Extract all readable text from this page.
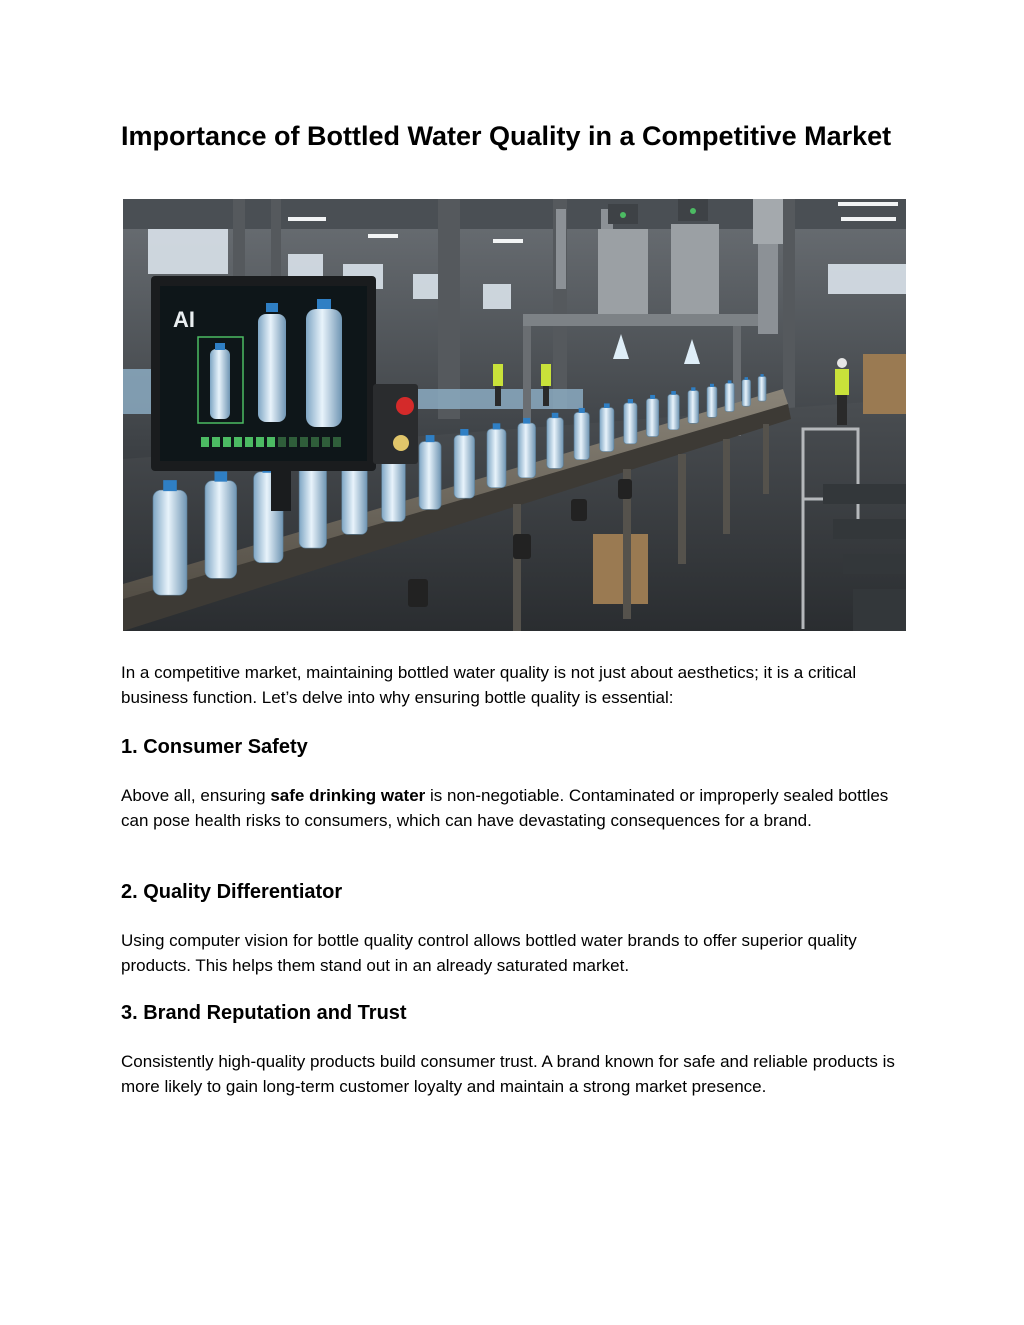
Importance of Bottled Water Quality in a Competitive Market
AI

In a competitive market, maintaining bottled water quality is not just about aesthetics; it is a critical business function. Let’s delve into why ensuring bottle quality is essential:

1. Consumer Safety

Above all, ensuring safe drinking water is non-negotiable. Contaminated or improperly sealed bottles can pose health risks to consumers, which can have devastating consequences for a brand.

2. Quality Differentiator

Using computer vision for bottle quality control allows bottled water brands to offer superior quality products. This helps them stand out in an already saturated market.

3. Brand Reputation and Trust

Consistently high-quality products build consumer trust. A brand known for safe and reliable products is more likely to gain long-term customer loyalty and maintain a strong market presence.
